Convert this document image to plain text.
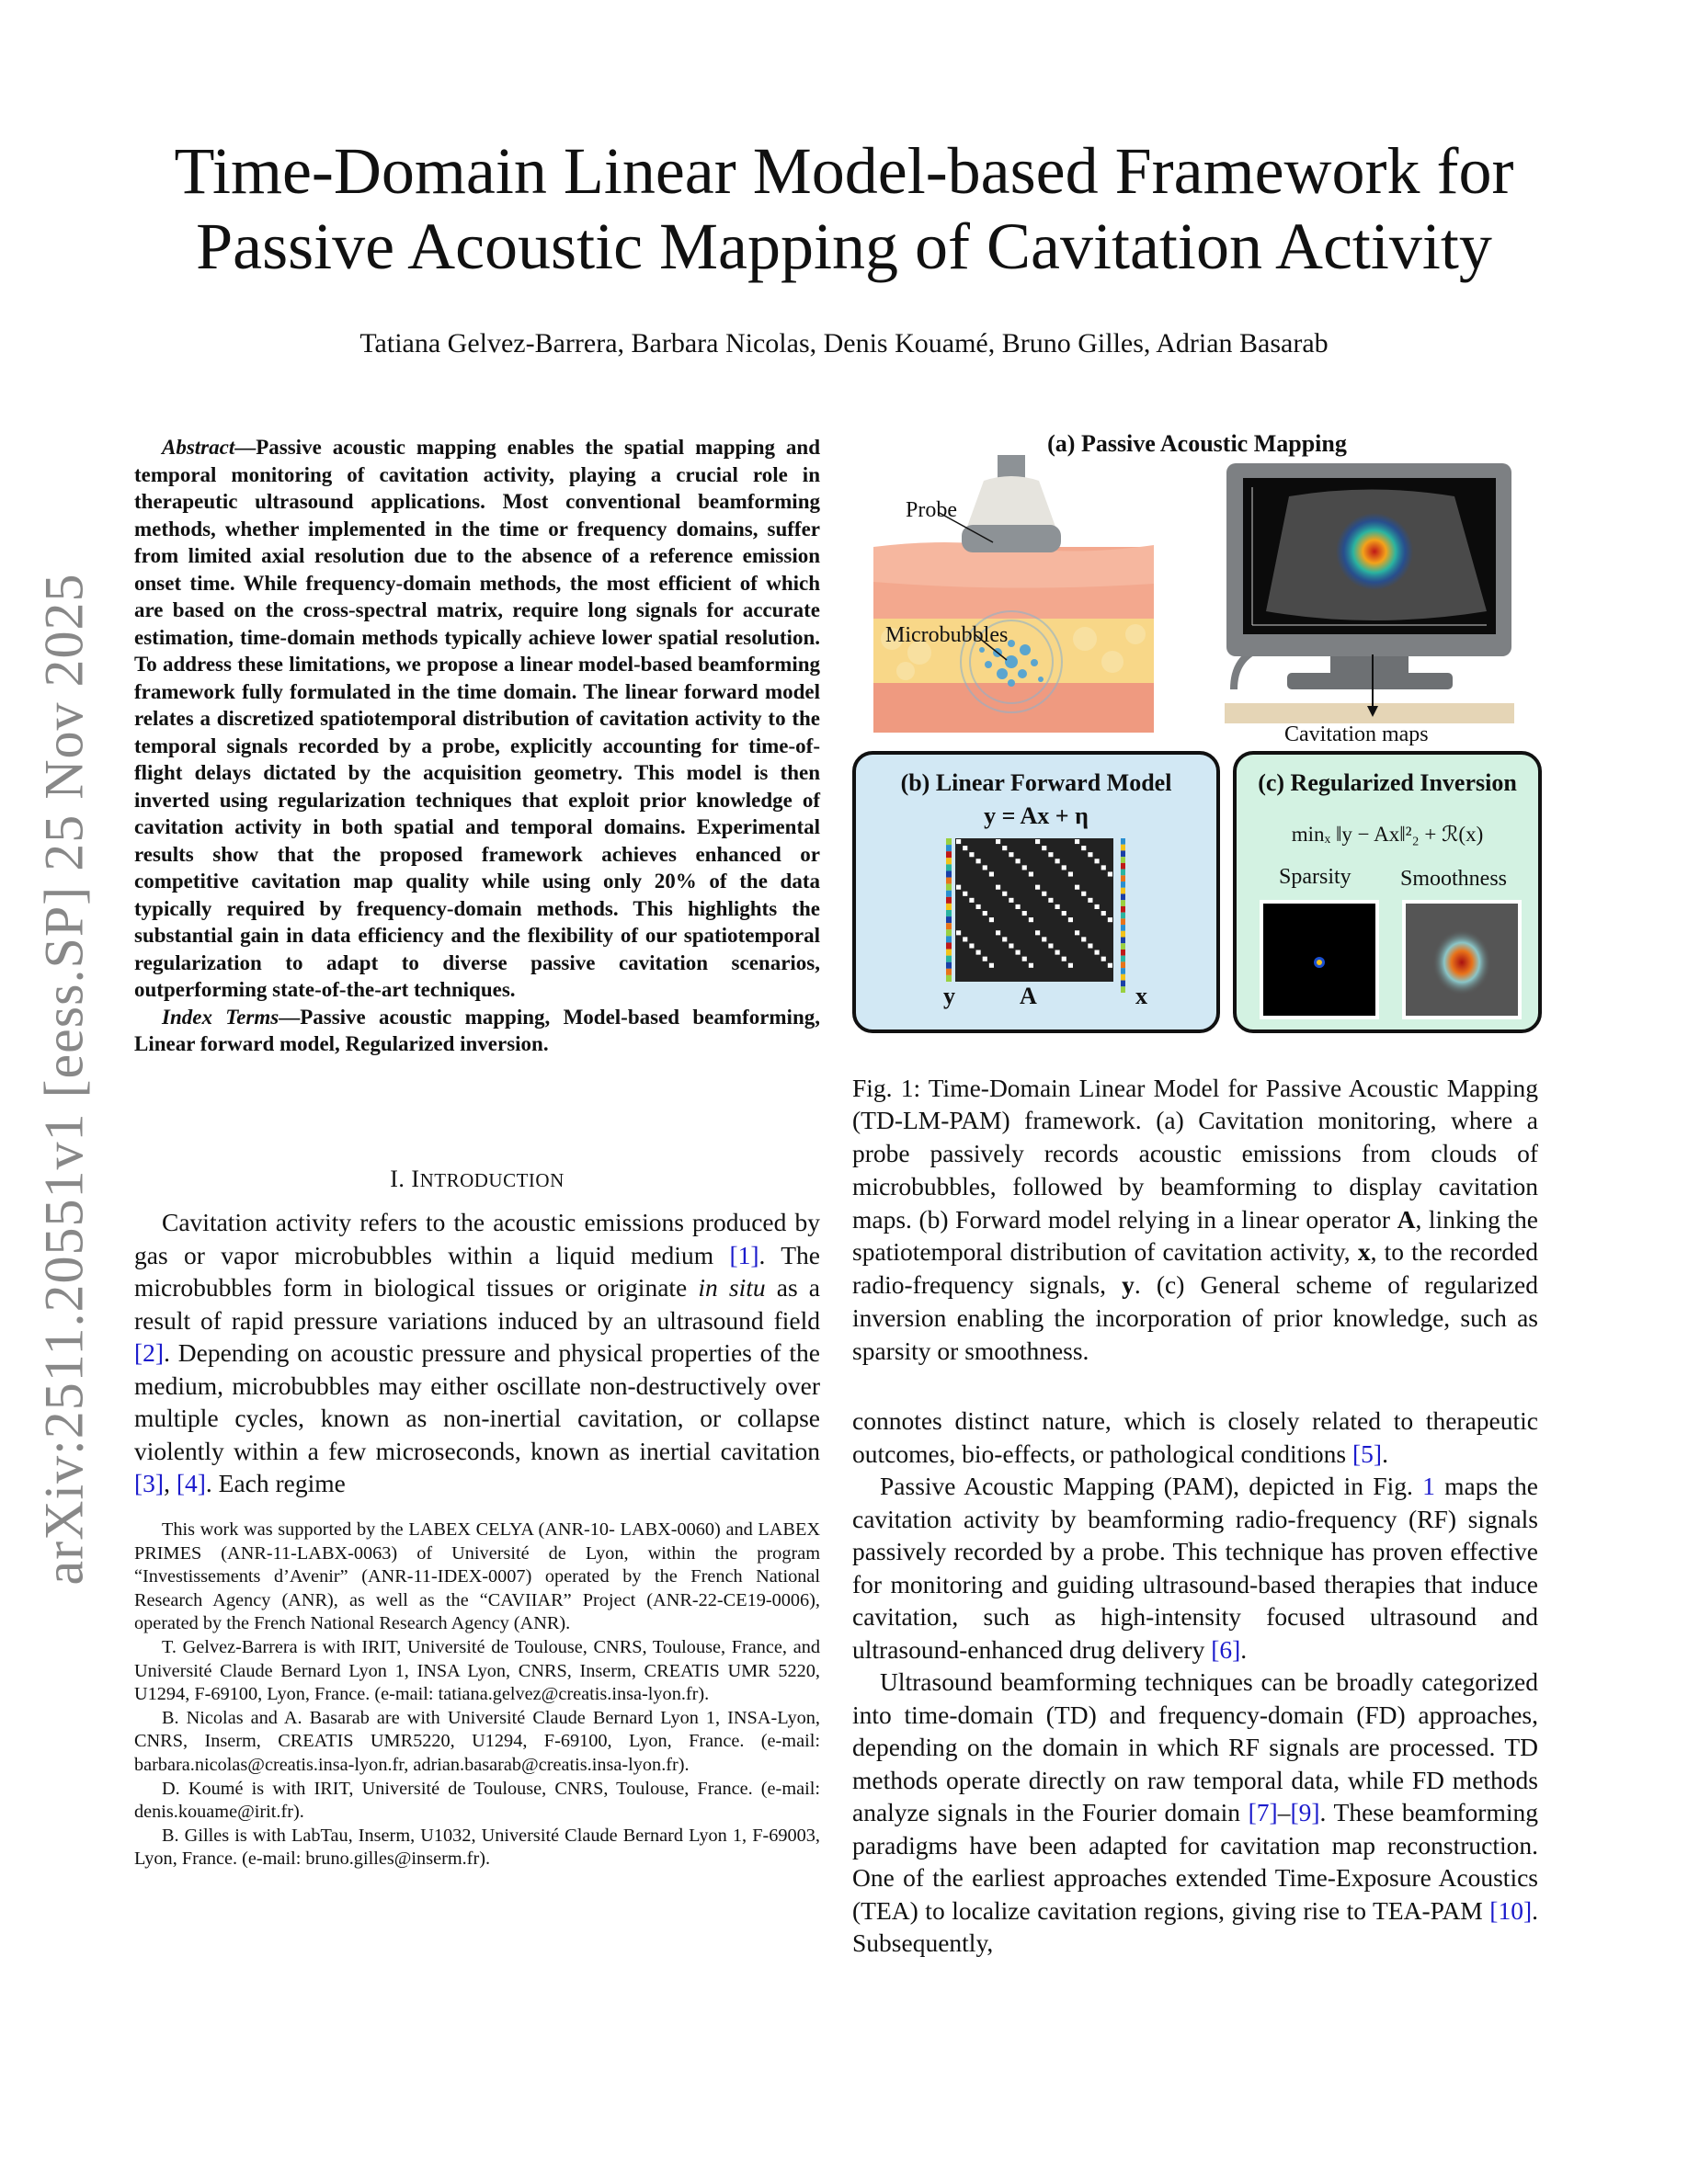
Time-Domain Linear Model-based Framework for
Passive Acoustic Mapping of Cavitation Activity
Tatiana Gelvez-Barrera, Barbara Nicolas, Denis Kouamé, Bruno Gilles, Adrian Basarab
arXiv:2511.20551v1 [eess.SP] 25 Nov 2025

Abstract—Passive acoustic mapping enables the spatial mapping and temporal monitoring of cavitation activity, playing a crucial role in therapeutic ultrasound applications. Most conventional beamforming methods, whether implemented in the time or frequency domains, suffer from limited axial resolution due to the absence of a reference emission onset time. While frequency-domain methods, the most efficient of which are based on the cross-spectral matrix, require long signals for accurate estimation, time-domain methods typically achieve lower spatial resolution. To address these limitations, we propose a linear model-based beamforming framework fully formulated in the time domain. The linear forward model relates a discretized spatiotemporal distribution of cavitation activity to the temporal signals recorded by a probe, explicitly accounting for time-of-flight delays dictated by the acquisition geometry. This model is then inverted using regularization techniques that exploit prior knowledge of cavitation activity in both spatial and temporal domains. Experimental results show that the proposed framework achieves enhanced or competitive cavitation map quality while using only 20% of the data typically required by frequency-domain methods. This highlights the substantial gain in data efficiency and the flexibility of our spatiotemporal regularization to adapt to diverse passive cavitation scenarios, outperforming state-of-the-art techniques.

Index Terms—Passive acoustic mapping, Model-based beamforming, Linear forward model, Regularized inversion.

I. INTRODUCTION

Cavitation activity refers to the acoustic emissions produced by gas or vapor microbubbles within a liquid medium [1]. The microbubbles form in biological tissues or originate in situ as a result of rapid pressure variations induced by an ultrasound field [2]. Depending on acoustic pressure and physical properties of the medium, microbubbles may either oscillate non-destructively over multiple cycles, known as non-inertial cavitation, or collapse violently within a few microseconds, known as inertial cavitation [3], [4]. Each regime

This work was supported by the LABEX CELYA (ANR-10- LABX-0060) and LABEX PRIMES (ANR-11-LABX-0063) of Université de Lyon, within the program “Investissements d’Avenir” (ANR-11-IDEX-0007) operated by the French National Research Agency (ANR), as well as the “CAVIIAR” Project (ANR-22-CE19-0006), operated by the French National Research Agency (ANR).

T. Gelvez-Barrera is with IRIT, Université de Toulouse, CNRS, Toulouse, France, and Université Claude Bernard Lyon 1, INSA Lyon, CNRS, Inserm, CREATIS UMR 5220, U1294, F-69100, Lyon, France. (e-mail: tatiana.gelvez@creatis.insa-lyon.fr).

B. Nicolas and A. Basarab are with Université Claude Bernard Lyon 1, INSA-Lyon, CNRS, Inserm, CREATIS UMR5220, U1294, F-69100, Lyon, France. (e-mail: barbara.nicolas@creatis.insa-lyon.fr, adrian.basarab@creatis.insa-lyon.fr).

D. Koumé is with IRIT, Université de Toulouse, CNRS, Toulouse, France. (e-mail: denis.kouame@irit.fr).

B. Gilles is with LabTau, Inserm, U1032, Université Claude Bernard Lyon 1, F-69003, Lyon, France. (e-mail: bruno.gilles@inserm.fr).

(a) Passive Acoustic Mapping
Probe
Microbubbles
Cavitation maps
(b) Linear Forward Model
y = Ax + η
y	A	x
(c) Regularized Inversion
minₓ ‖y − Ax‖²₂ + ℛ(x)
Sparsity Smoothness

Fig. 1: Time-Domain Linear Model for Passive Acoustic Mapping (TD-LM-PAM) framework. (a) Cavitation monitoring, where a probe passively records acoustic emissions from clouds of microbubbles, followed by beamforming to display cavitation maps. (b) Forward model relying in a linear operator A, linking the spatiotemporal distribution of cavitation activity, x, to the recorded radio-frequency signals, y. (c) General scheme of regularized inversion enabling the incorporation of prior knowledge, such as sparsity or smoothness.

connotes distinct nature, which is closely related to therapeutic outcomes, bio-effects, or pathological conditions [5].

Passive Acoustic Mapping (PAM), depicted in Fig. 1 maps the cavitation activity by beamforming radio-frequency (RF) signals passively recorded by a probe. This technique has proven effective for monitoring and guiding ultrasound-based therapies that induce cavitation, such as high-intensity focused ultrasound and ultrasound-enhanced drug delivery [6].

Ultrasound beamforming techniques can be broadly categorized into time-domain (TD) and frequency-domain (FD) approaches, depending on the domain in which RF signals are processed. TD methods operate directly on raw temporal data, while FD methods analyze signals in the Fourier domain [7]–[9]. These beamforming paradigms have been adapted for cavitation map reconstruction. One of the earliest approaches extended Time-Exposure Acoustics (TEA) to localize cavitation regions, giving rise to TEA-PAM [10]. Subsequently,
